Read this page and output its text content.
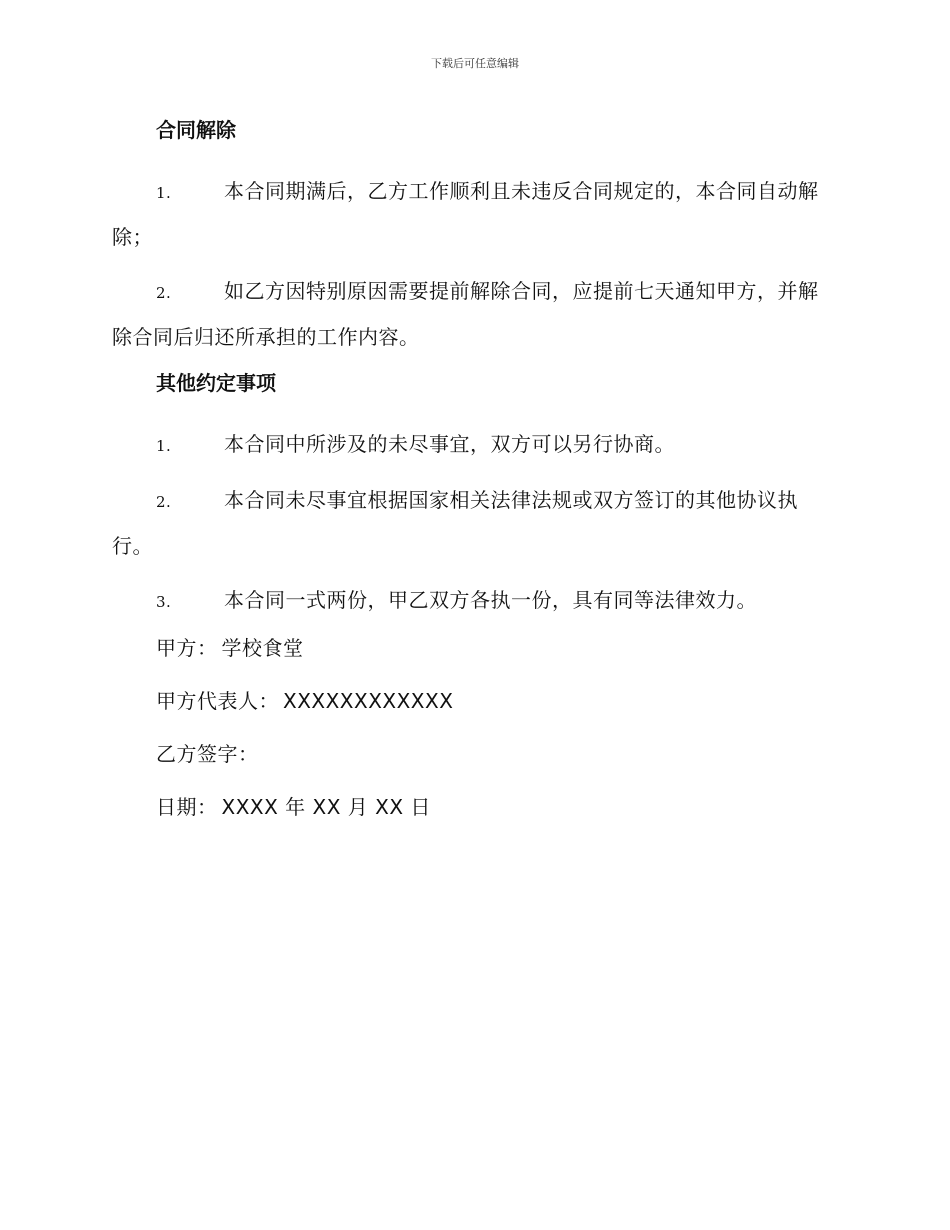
下载后可任意编辑
合同解除
1.	本合同期满后，乙方工作顺利且未违反合同规定的，本合同自动解除；
2.	如乙方因特别原因需要提前解除合同，应提前七天通知甲方，并解除合同后归还所承担的工作内容。
其他约定事项
1.	本合同中所涉及的未尽事宜，双方可以另行协商。
2.	本合同未尽事宜根据国家相关法律法规或双方签订的其他协议执行。
3.	本合同一式两份，甲乙双方各执一份，具有同等法律效力。
甲方： 学校食堂
甲方代表人： XXXXXXXXXXXX
乙方签字：
日期： XXXX 年 XX 月 XX 日
